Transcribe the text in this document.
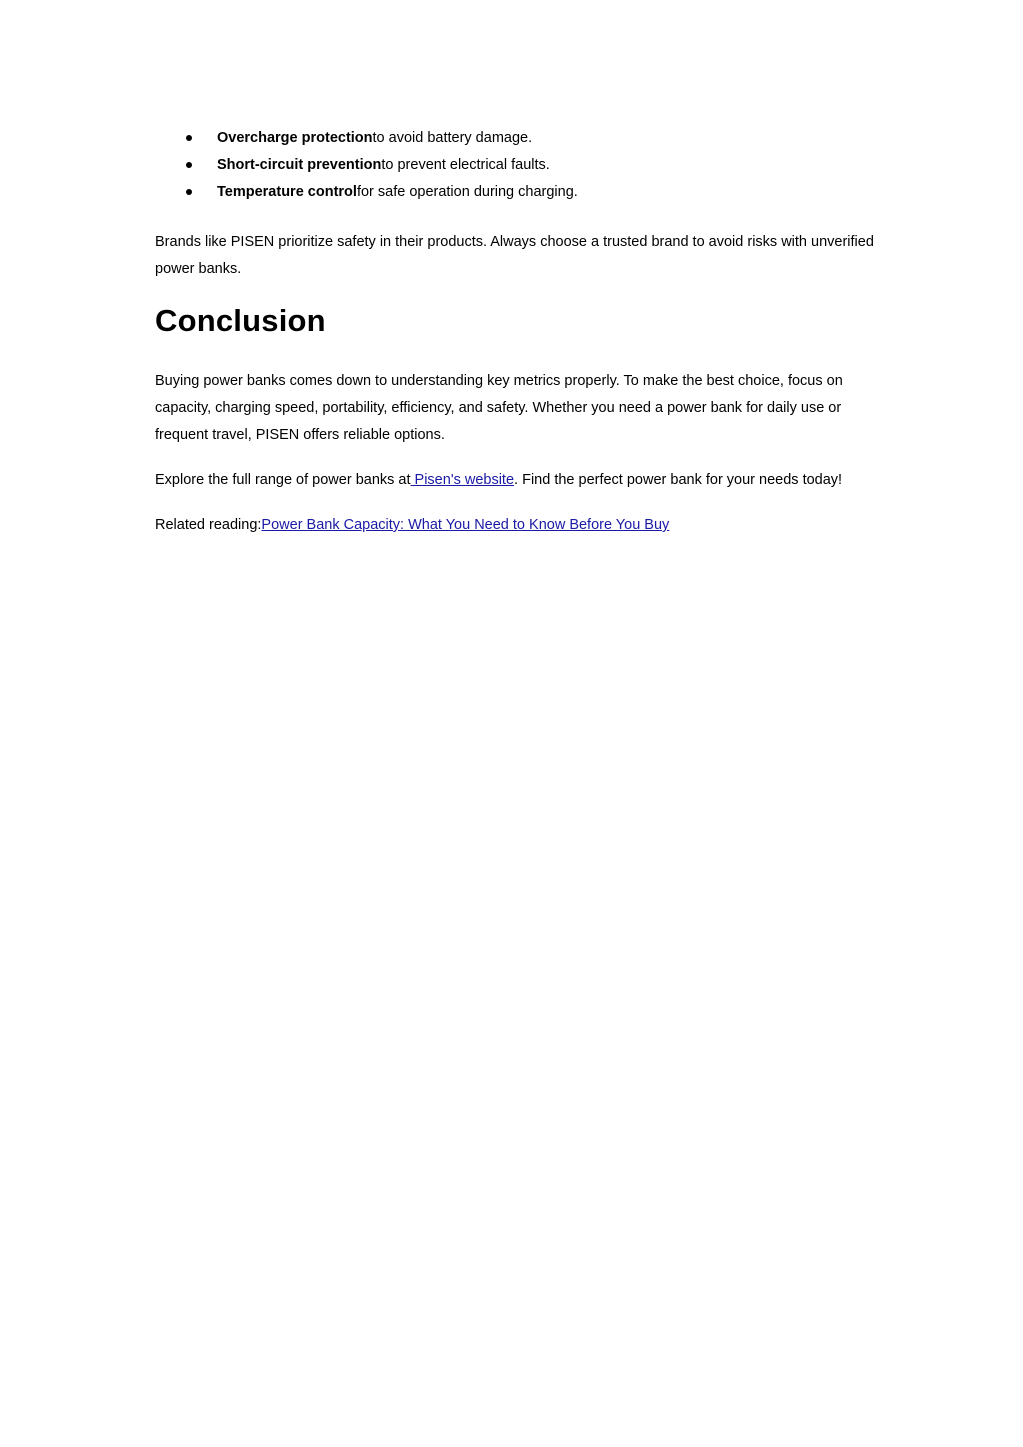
Overcharge protectionto avoid battery damage.
Short-circuit preventionto prevent electrical faults.
Temperature controlfor safe operation during charging.

Brands like PISEN prioritize safety in their products. Always choose a trusted brand to avoid risks with unverified power banks.

Conclusion

Buying power banks comes down to understanding key metrics properly. To make the best choice, focus on capacity, charging speed, portability, efficiency, and safety. Whether you need a power bank for daily use or frequent travel, PISEN offers reliable options.

Explore the full range of power banks at Pisen's website. Find the perfect power bank for your needs today!

Related reading:Power Bank Capacity: What You Need to Know Before You Buy
